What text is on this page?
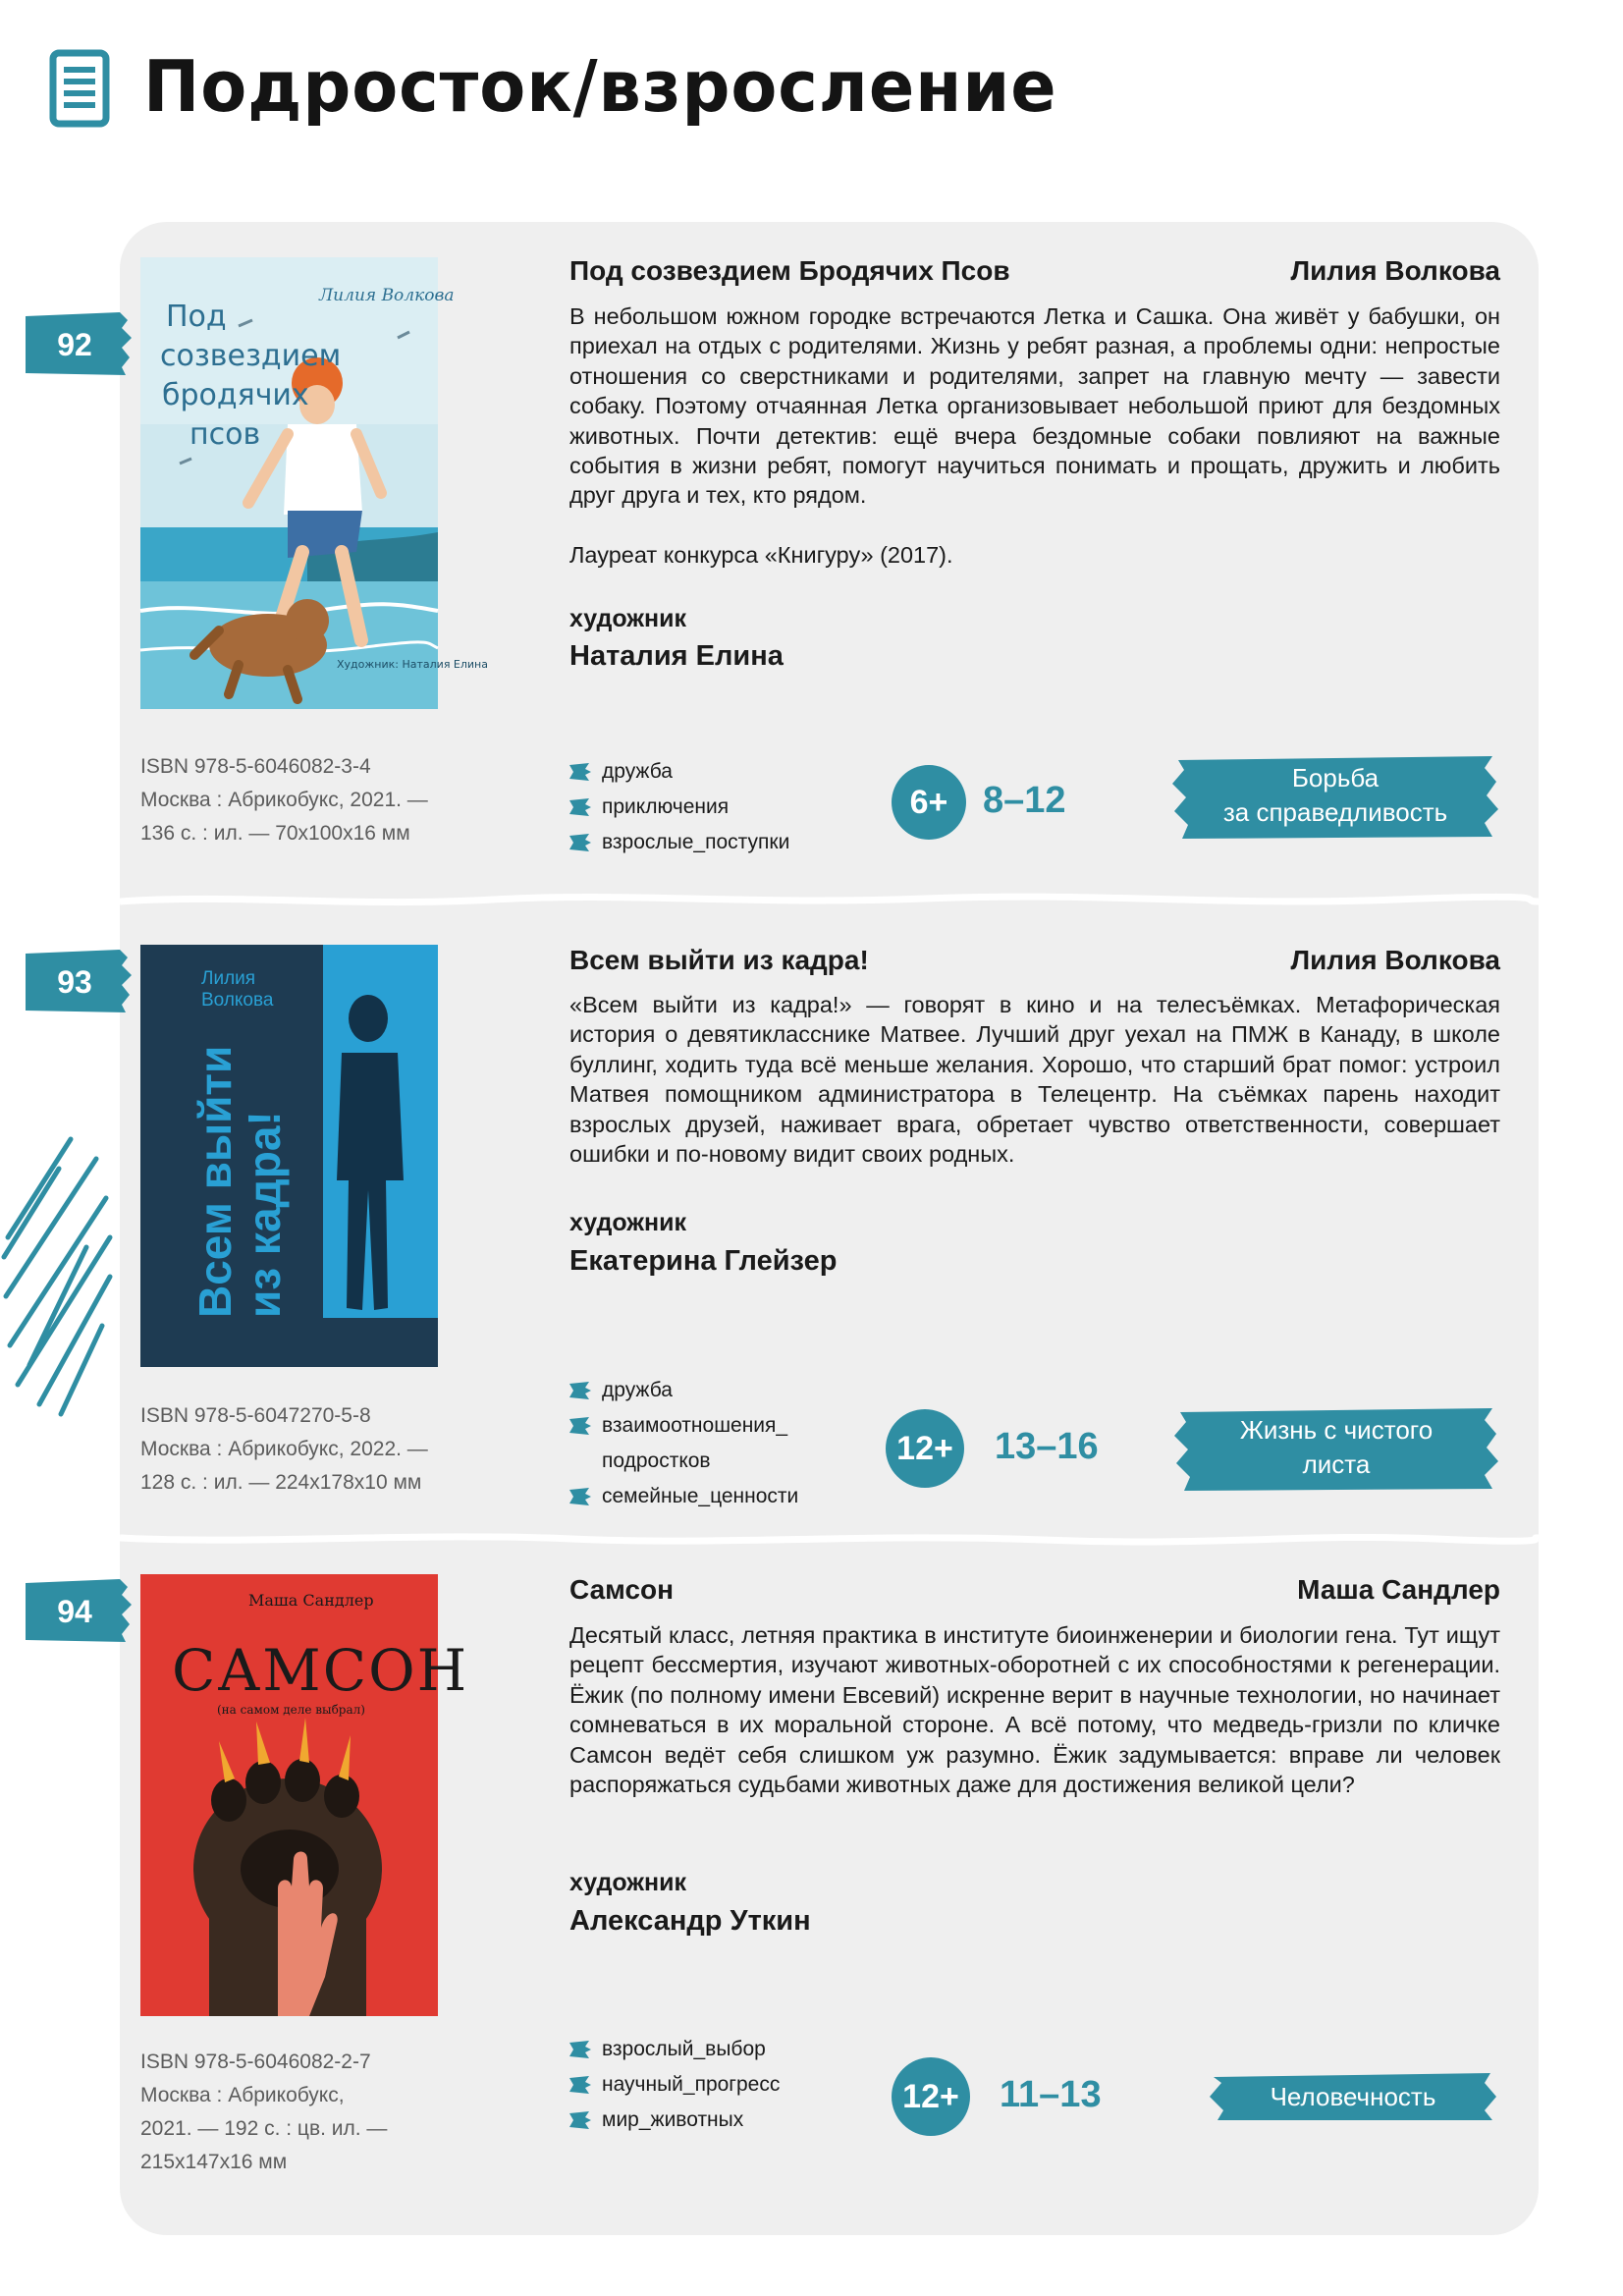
Подросток/взросление
92
Лилия Волкова
Под
созвездием
бродячих
псов
Художник: Наталия Елина
ISBN 978-5-6046082-3-4
Москва : Абрикобукс, 2021. —
136 с. : ил. — 70х100х16 мм
Под созвездием Бродячих Псов	Лилия Волкова

В небольшом южном городке встречаются Летка и Сашка. Она живёт у бабушки, он приехал на отдых с родителями. Жизнь у ребят разная, а проблемы одни: непростые отношения со сверстниками и родителями, запрет на главную мечту — завести собаку. Поэтому отчаянная Летка организовывает небольшой приют для бездомных животных. Почти детектив: ещё вчера бездомные собаки повлияют на важные события в жизни ребят, помогут научиться понимать и прощать, дружить и любить друг друга и тех, кто рядом.

Лауреат конкурса «Книгуру» (2017).
художник
Наталия Елина
дружба
приключения
взрослые_поступки
6+ 8–12
Борьба
за справедливость
93	Лилия
Волкова
Всем выйти
из кадра!
ISBN 978-5-6047270-5-8
Москва : Абрикобукс, 2022. —
128 с. : ил. — 224х178х10 мм
Всем выйти из кадра!	Лилия Волкова

«Всем выйти из кадра!» — говорят в кино и на телесъёмках. Метафорическая история о девятикласснике Матвее. Лучший друг уехал на ПМЖ в Канаду, в школе буллинг, ходить туда всё меньше желания. Хорошо, что старший брат помог: устроил Матвея помощником администратора в Телецентр. На съёмках парень находит взрослых друзей, наживает врага, обретает чувство ответственности, совершает ошибки и по-новому видит своих родных.

художник
Екатерина Глейзер
дружба
взаимоотношения_
подростков
семейные_ценности
12+ 13–16	Жизнь с чистого
листа
94	Маша Сандлер
САМСОН
(на самом деле выбрал)
ISBN 978-5-6046082-2-7
Москва : Абрикобукс,
2021. — 192 с. : цв. ил. —
215х147х16 мм
Самсон	Маша Сандлер

Десятый класс, летняя практика в институте биоинженерии и биологии гена. Тут ищут рецепт бессмертия, изучают животных-оборотней с их способностями к регенерации. Ёжик (по полному имени Евсевий) искренне верит в научные технологии, но начинает сомневаться в их моральной стороне. А всё потому, что медведь-гризли по кличке Самсон ведёт себя слишком уж разумно. Ёжик задумывается: вправе ли человек распоряжаться судьбами животных даже для достижения великой цели?

художник
Александр Уткин
взрослый_выбор
научный_прогресс
мир_животных
12+ 11–13	Человечность
